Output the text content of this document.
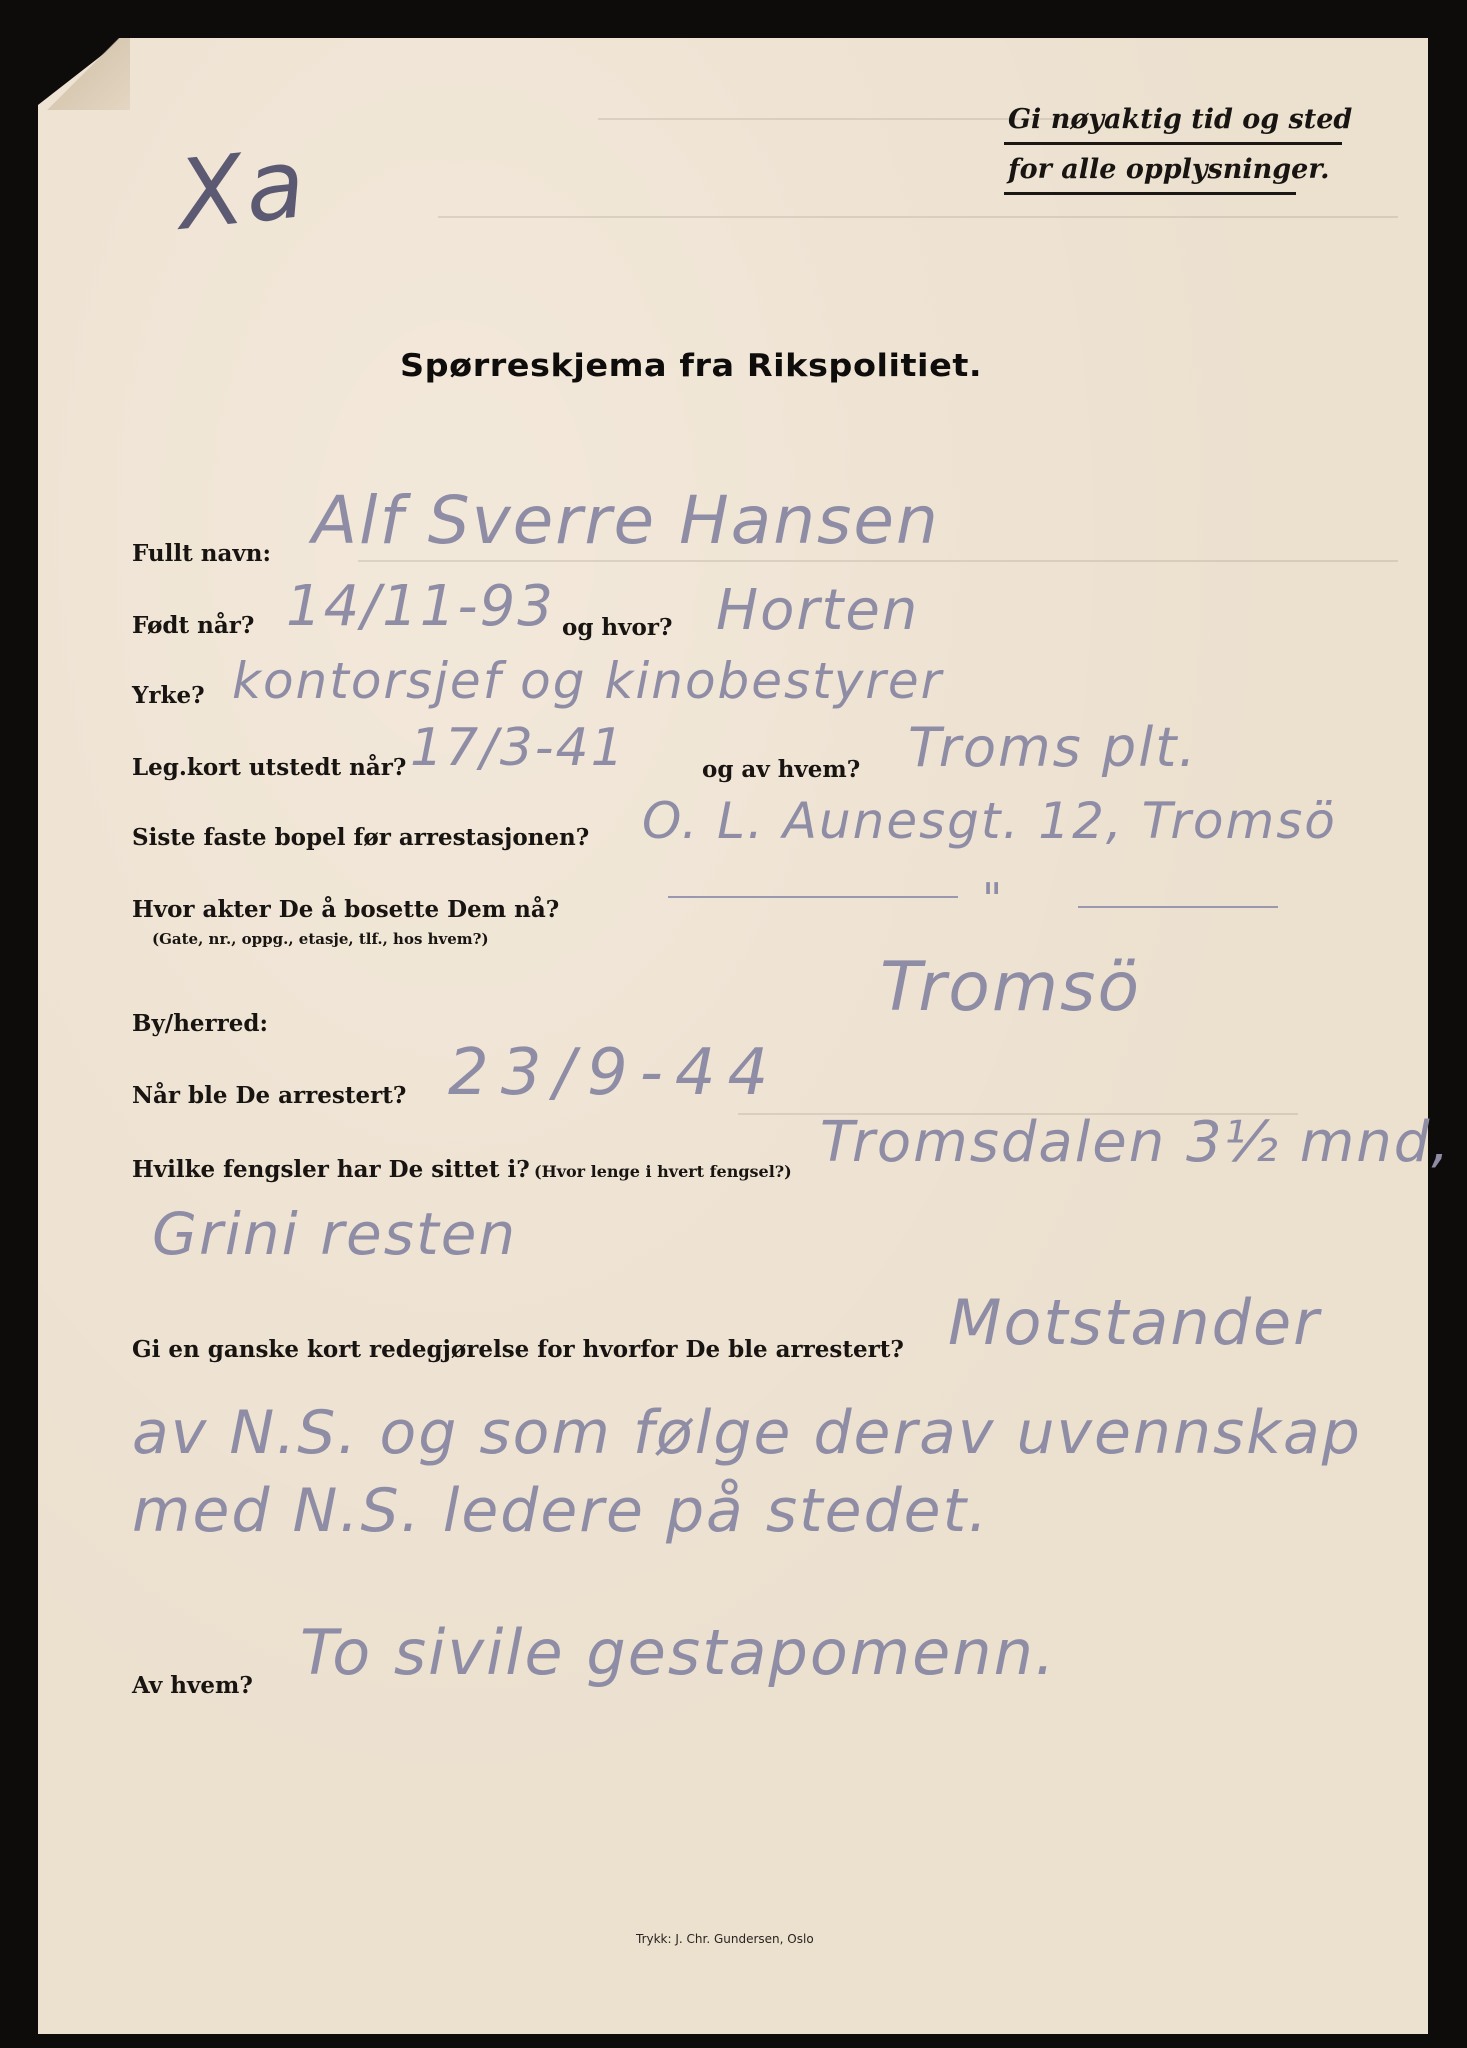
Gi nøyaktig tid og sted
for alle opplysninger.
Xa
Spørreskjema fra Rikspolitiet.
Fullt navn: Alf Sverre Hansen
Født når? 14/11-93 og hvor? Horten
Yrke? kontorsjef og kinobestyrer
Leg.kort utstedt når? 17/3-41	og av hvem? Troms plt.
Siste faste bopel før arrestasjonen? O. L. Aunesgt. 12, Tromsö
Hvor akter De å bosette Dem nå?
(Gate, nr., oppg., etasje, tlf., hos hvem?)
"
By/herred:	Tromsö
Når ble De arrestert? 23/9-44
Hvilke fengsler har De sittet i? (Hvor lenge i hvert fengsel?) Tromsdalen 3½ mnd,
Grini resten
Gi en ganske kort redegjørelse for hvorfor De ble arrestert? Motstander
av N.S. og som følge derav uvennskap
med N.S. ledere på stedet.
Av hvem? To sivile gestapomenn.
Trykk: J. Chr. Gundersen, Oslo
